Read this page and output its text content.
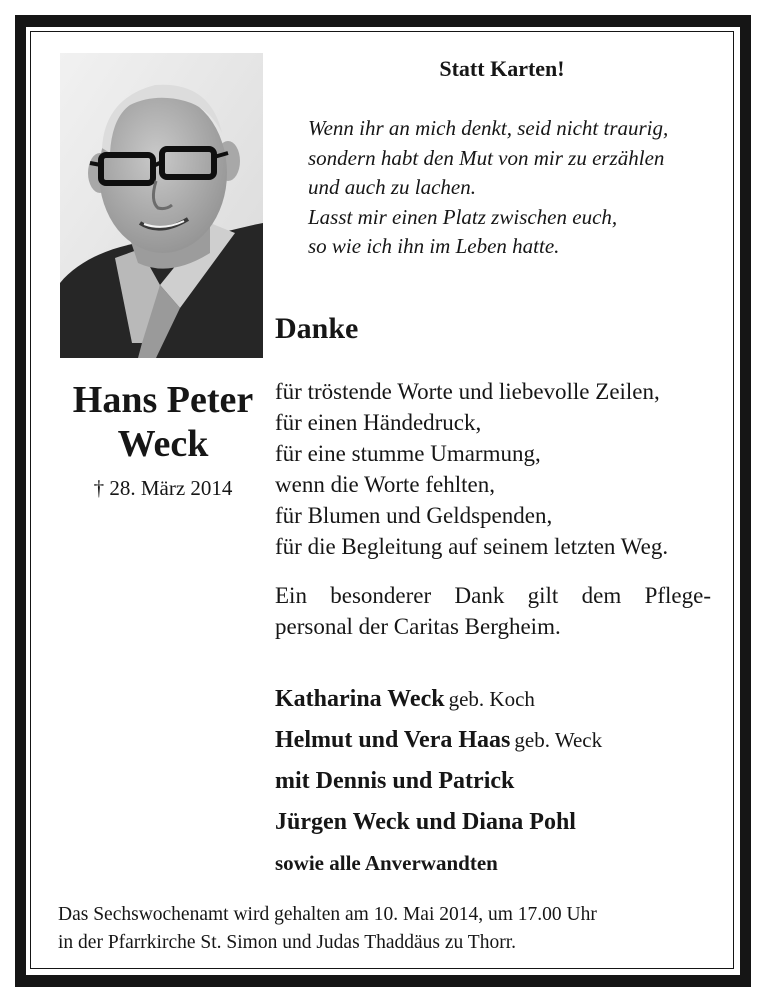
Hans Peter
Weck
† 28. März 2014
Statt Karten!
Wenn ihr an mich denkt, seid nicht traurig,
sondern habt den Mut von mir zu erzählen
und auch zu lachen.
Lasst mir einen Platz zwischen euch,
so wie ich ihn im Leben hatte.
Danke
für tröstende Worte und liebevolle Zeilen,
für einen Händedruck,
für eine stumme Umarmung,
wenn die Worte fehlten,
für Blumen und Geldspenden,
für die Begleitung auf seinem letzten Weg.
Ein besonderer Dank gilt dem Pflege-
personal der Caritas Bergheim.
Katharina Weck geb. Koch
Helmut und Vera Haas geb. Weck
mit Dennis und Patrick
Jürgen Weck und Diana Pohl
sowie alle Anverwandten
Das Sechswochenamt wird gehalten am 10. Mai 2014, um 17.00 Uhr
in der Pfarrkirche St. Simon und Judas Thaddäus zu Thorr.
